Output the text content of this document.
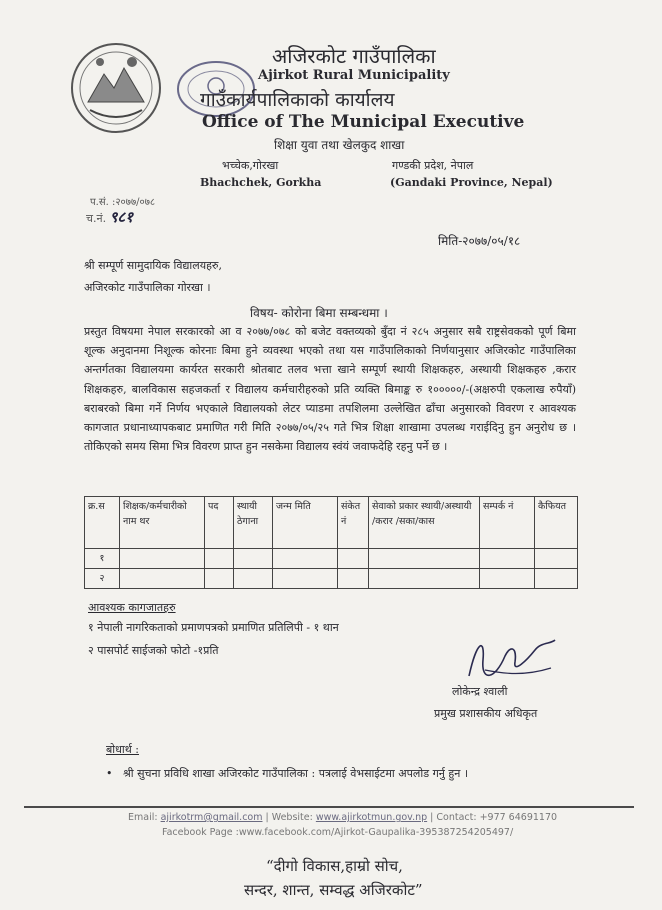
अजिरकोट गाउँपालिका
Ajirkot Rural Municipality
गाउँकार्यपालिकाको कार्यालय
Office of The Municipal Executive
शिक्षा युवा तथा खेलकुद शाखा
भच्चेक,गोरखा	गण्डकी प्रदेश, नेपाल
Bhachchek, Gorkha	(Gandaki Province, Nepal)
प.सं. :२०७७/०७८
च.नं. ९८१
मिति-२०७७/०५/१८
श्री सम्पूर्ण सामुदायिक विद्यालयहरु,
अजिरकोट गाउँपालिका गोरखा ।
विषय- कोरोना बिमा सम्बन्धमा ।
प्रस्तुत विषयमा नेपाल सरकारको आ व २०७७/०७८ को बजेट वक्तव्यको बुँदा नं २८५ अनुसार सबै राष्ट्रसेवककोे पूर्ण बिमा शूल्क अनुदानमा निशूल्क कोरनाः बिमा हुने व्यवस्था भएको तथा यस गाउँपालिकाको निर्णयानुसार अजिरकोट गाउँपालिका अन्तर्गतका विद्यालयमा कार्यरत सरकारी श्रोतबाट तलव भत्ता खाने सम्पूर्ण स्थायी शिक्षकहरु, अस्थायी शिक्षकहरु ,करार शिक्षकहरु, बालविकास सहजकर्ता र विद्यालय कर्मचारीहरुको प्रति व्यक्ति बिमाङ्क रु १०००००/-(अक्षरुपी एकलाख रुपैयाँ) बराबरको बिमा गर्ने निर्णय भएकाले विद्यालयको लेटर प्याडमा तपशिलमा उल्लेखित ढाँचा अनुसारको विवरण र आवश्यक कागजात प्रधानाध्यापकबाट प्रमाणित गरी मिति २०७७/०५/२५ गते भित्र शिक्षा शाखामा उपलब्ध गराईदिनु हुन अनुरोध छ । तोकिएको समय सिमा भित्र विवरण प्राप्त हुन नसकेमा विद्यालय स्वंयं जवाफदेहि रहनु पर्ने छ ।
क्र.स	शिक्षक/कर्मचारीको नाम थर	पद	स्थायी ठेगाना	जन्म मिति	संकेत नं	सेवाको प्रकार स्थायी/अस्थायी /करार /सका/कास	सम्पर्क नं	कैफियत
१								
२								
आवश्यक कागजातहरु
१ नेपाली नागरिकताको प्रमाणपत्रको प्रमाणित प्रतिलिपी - १ थान
२ पासपोर्ट साईजको फोटो -१प्रति
लोकेन्द्र श्वाली
प्रमुख प्रशासकीय अधिकृत
बोधार्थ :
•   श्री सुचना प्रविधि शाखा अजिरकोट गाउँपालिका : पत्रलाई वेभसाईटमा अपलोड गर्नु हुन ।
Email: ajirkotrm@gmail.com | Website: www.ajirkotmun.gov.np | Contact: +977 64691170
Facebook Page :www.facebook.com/Ajirkot-Gaupalika-395387254205497/
“दीगो विकास,हाम्रो सोच,
सन्दर, शान्त, सम्वद्ध अजिरकोट”
